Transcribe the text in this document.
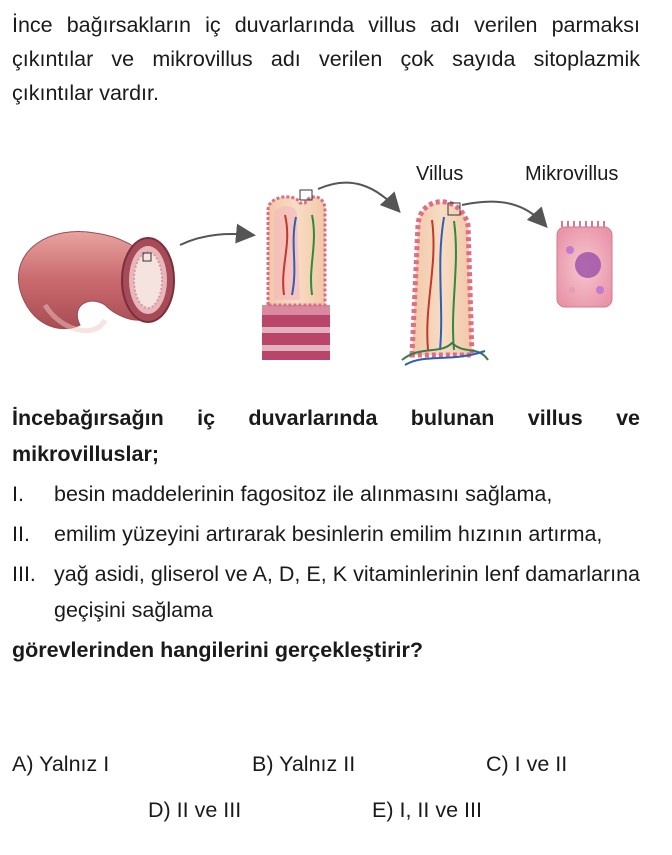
İnce bağırsakların iç duvarlarında villus adı verilen parmaksı çıkıntılar ve mikrovillus adı verilen çok sayıda sitoplazmik çıkıntılar vardır.

Villus	Mikrovillus

İncebağırsağın iç duvarlarında bulunan villus ve mikrovilluslar;

I.	besin maddelerinin fagositoz ile alınmasını sağlama,
II.	emilim yüzeyini artırarak besinlerin emilim hızının artırma,
III. yağ asidi, gliserol ve A, D, E, K vitaminlerinin lenf damarlarına geçişini sağlama
görevlerinden hangilerini gerçekleştirir?
A) Yalnız I	B) Yalnız II	C) I ve II
D) II ve III	E) I, II ve III
